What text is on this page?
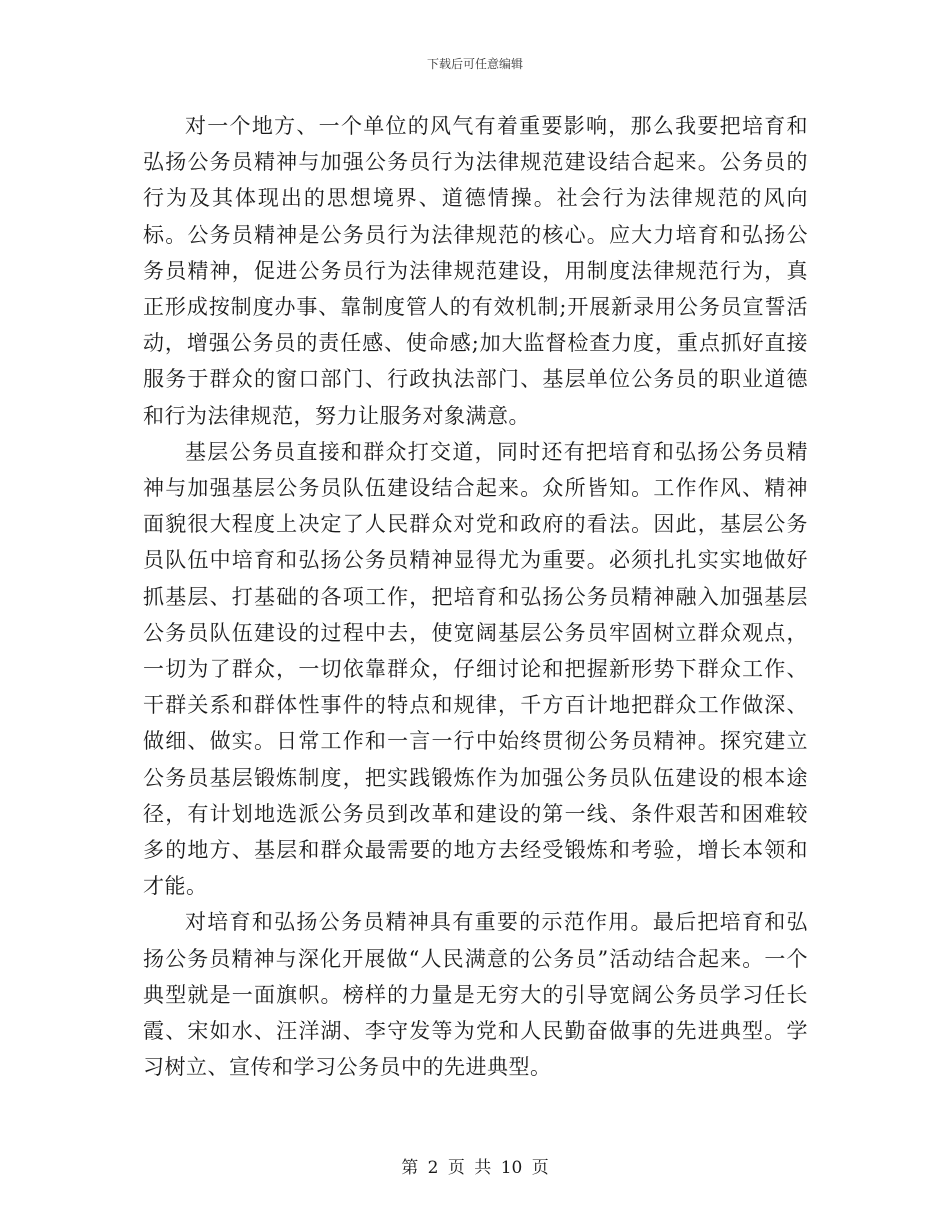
下载后可任意编辑

对一个地方、一个单位的风气有着重要影响，那么我要把培育和弘扬公务员精神与加强公务员行为法律规范建设结合起来。公务员的行为及其体现出的思想境界、道德情操。社会行为法律规范的风向标。公务员精神是公务员行为法律规范的核心。应大力培育和弘扬公务员精神，促进公务员行为法律规范建设，用制度法律规范行为，真正形成按制度办事、靠制度管人的有效机制;开展新录用公务员宣誓活动，增强公务员的责任感、使命感;加大监督检查力度，重点抓好直接服务于群众的窗口部门、行政执法部门、基层单位公务员的职业道德和行为法律规范，努力让服务对象满意。

基层公务员直接和群众打交道，同时还有把培育和弘扬公务员精神与加强基层公务员队伍建设结合起来。众所皆知。工作作风、精神面貌很大程度上决定了人民群众对党和政府的看法。因此，基层公务员队伍中培育和弘扬公务员精神显得尤为重要。必须扎扎实实地做好抓基层、打基础的各项工作，把培育和弘扬公务员精神融入加强基层公务员队伍建设的过程中去，使宽阔基层公务员牢固树立群众观点，一切为了群众，一切依靠群众，仔细讨论和把握新形势下群众工作、干群关系和群体性事件的特点和规律，千方百计地把群众工作做深、做细、做实。日常工作和一言一行中始终贯彻公务员精神。探究建立公务员基层锻炼制度，把实践锻炼作为加强公务员队伍建设的根本途径，有计划地选派公务员到改革和建设的第一线、条件艰苦和困难较多的地方、基层和群众最需要的地方去经受锻炼和考验，增长本领和才能。

对培育和弘扬公务员精神具有重要的示范作用。最后把培育和弘扬公务员精神与深化开展做“人民满意的公务员”活动结合起来。一个典型就是一面旗帜。榜样的力量是无穷大的引导宽阔公务员学习任长霞、宋如水、汪洋湖、李守发等为党和人民勤奋做事的先进典型。学习树立、宣传和学习公务员中的先进典型。

第 2 页 共 10 页
